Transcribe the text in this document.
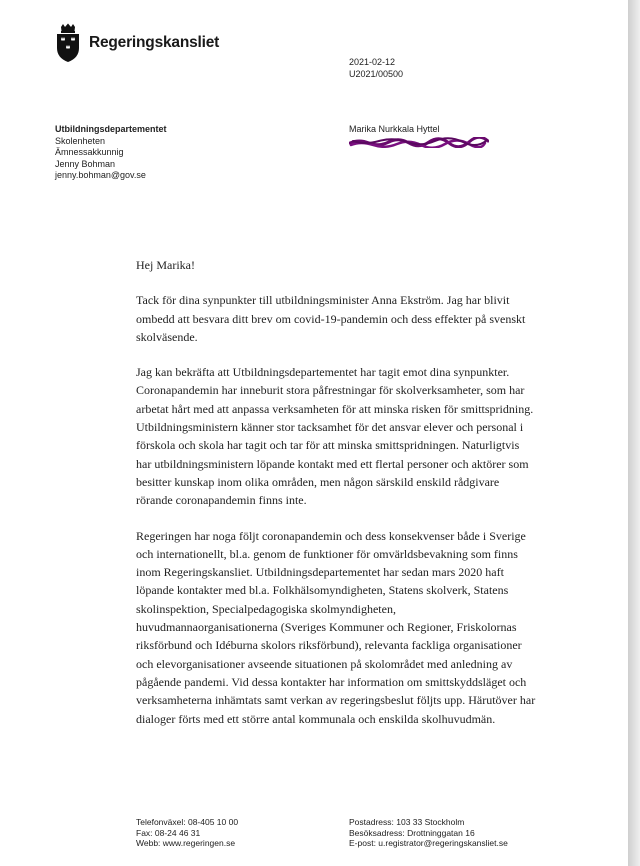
Regeringskansliet
2021-02-12
U2021/00500
Utbildningsdepartementet
Skolenheten
Ämnessakkunnig
Jenny Bohman
jenny.bohman@gov.se
Marika Nurkkala Hyttel

Hej Marika!

Tack för dina synpunkter till utbildningsminister Anna Ekström. Jag har blivit ombedd att besvara ditt brev om covid-19-pandemin och dess effekter på svenskt skolväsende.

Jag kan bekräfta att Utbildningsdepartementet har tagit emot dina synpunkter. Coronapandemin har inneburit stora påfrestningar för skolverksamheter, som har arbetat hårt med att anpassa verksamheten för att minska risken för smittspridning. Utbildningsministern känner stor tacksamhet för det ansvar elever och personal i förskola och skola har tagit och tar för att minska smittspridningen. Naturligtvis har utbildningsministern löpande kontakt med ett flertal personer och aktörer som besitter kunskap inom olika områden, men någon särskild enskild rådgivare rörande coronapandemin finns inte.

Regeringen har noga följt coronapandemin och dess konsekvenser både i Sverige och internationellt, bl.a. genom de funktioner för omvärldsbevakning som finns inom Regeringskansliet. Utbildningsdepartementet har sedan mars 2020 haft löpande kontakter med bl.a. Folkhälsomyndigheten, Statens skolverk, Statens skolinspektion, Specialpedagogiska skolmyndigheten, huvudmannaorganisationerna (Sveriges Kommuner och Regioner, Friskolornas riksförbund och Idéburna skolors riksförbund), relevanta fackliga organisationer och elevorganisationer avseende situationen på skolområdet med anledning av pågående pandemi. Vid dessa kontakter har information om smittskyddsläget och verksamheterna inhämtats samt verkan av regeringsbeslut följts upp. Härutöver har dialoger förts med ett större antal kommunala och enskilda skolhuvudmän.

Telefonväxel: 08-405 10 00
Fax: 08-24 46 31
Webb: www.regeringen.se
Postadress: 103 33 Stockholm
Besöksadress: Drottninggatan 16
E-post: u.registrator@regeringskansliet.se
